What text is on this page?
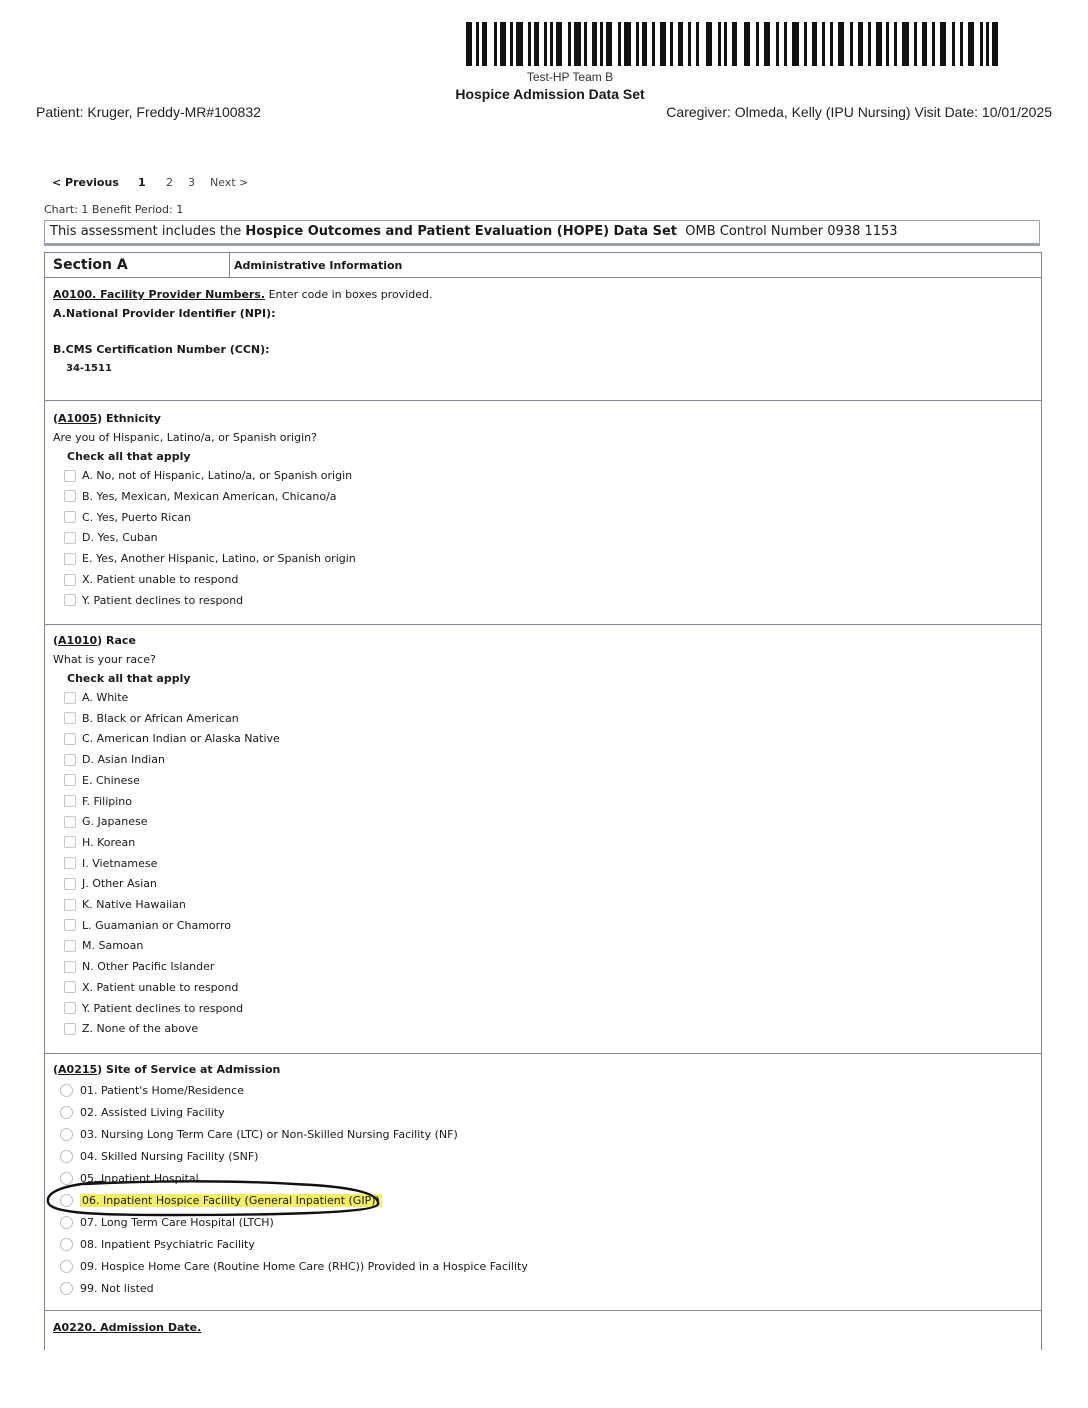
Test-HP Team B
Hospice Admission Data Set
Patient: Kruger, Freddy-MR#100832	Caregiver: Olmeda, Kelly (IPU Nursing) Visit Date: 10/01/2025
< Previous	1	2	3	Next >
Chart: 1 Benefit Period: 1
This assessment includes the Hospice Outcomes and Patient Evaluation (HOPE) Data Set OMB Control Number 0938 1153
Section A	Administrative Information
A0100. Facility Provider Numbers. Enter code in boxes provided.
A.National Provider Identifier (NPI):
B.CMS Certification Number (CCN):
34-1511
(A1005) Ethnicity
Are you of Hispanic, Latino/a, or Spanish origin?
Check all that apply
A. No, not of Hispanic, Latino/a, or Spanish origin
B. Yes, Mexican, Mexican American, Chicano/a
C. Yes, Puerto Rican
D. Yes, Cuban
E. Yes, Another Hispanic, Latino, or Spanish origin
X. Patient unable to respond
Y. Patient declines to respond
(A1010) Race
What is your race?
Check all that apply
A. White
B. Black or African American
C. American Indian or Alaska Native
D. Asian Indian
E. Chinese
F. Filipino
G. Japanese
H. Korean
I. Vietnamese
J. Other Asian
K. Native Hawaiian
L. Guamanian or Chamorro
M. Samoan
N. Other Pacific Islander
X. Patient unable to respond
Y. Patient declines to respond
Z. None of the above
(A0215) Site of Service at Admission
01. Patient's Home/Residence
02. Assisted Living Facility
03. Nursing Long Term Care (LTC) or Non-Skilled Nursing Facility (NF)
04. Skilled Nursing Facility (SNF)
05. Inpatient Hospital
06. Inpatient Hospice Facility (General Inpatient (GIP))
07. Long Term Care Hospital (LTCH)
08. Inpatient Psychiatric Facility
09. Hospice Home Care (Routine Home Care (RHC)) Provided in a Hospice Facility
99. Not listed
A0220. Admission Date.
